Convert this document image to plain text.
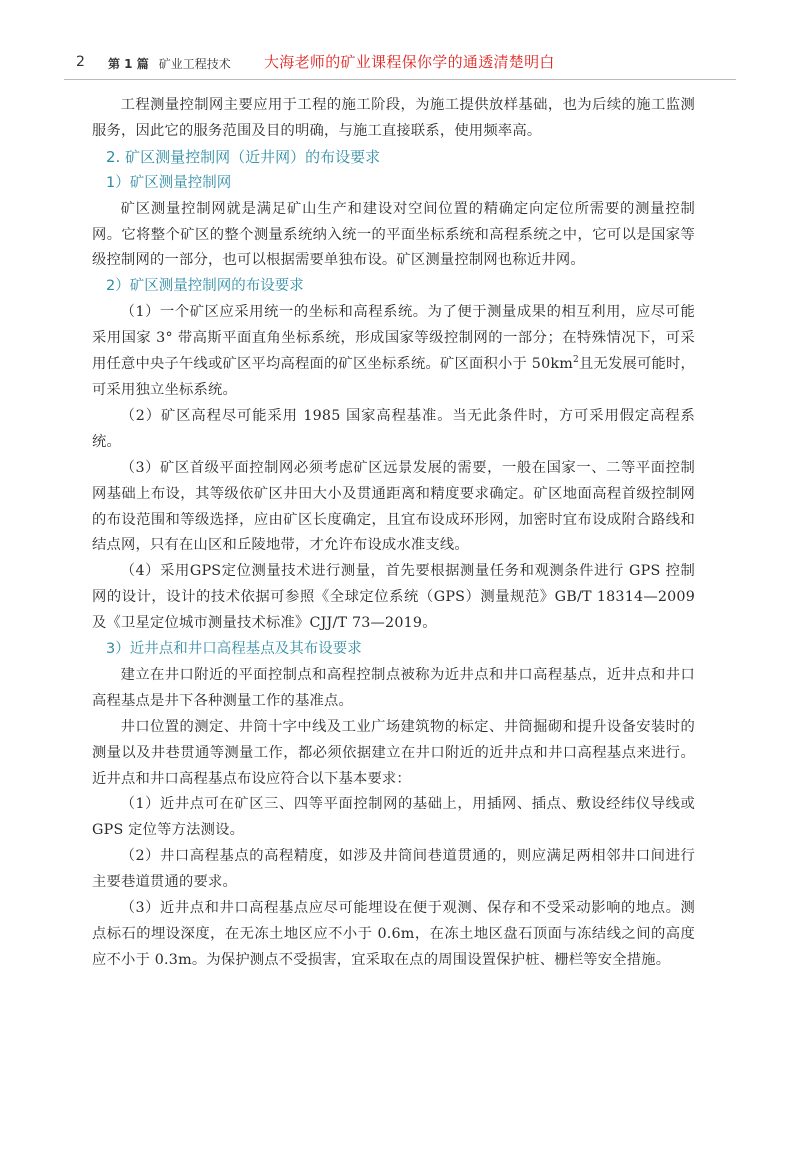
2 第 1 篇 矿业工程技术 大海老师的矿业课程保你学的通透清楚明白

工程测量控制网主要应用于工程的施工阶段，为施工提供放样基础，也为后续的施工监测服务，因此它的服务范围及目的明确，与施工直接联系，使用频率高。

2. 矿区测量控制网（近井网）的布设要求
1）矿区测量控制网

矿区测量控制网就是满足矿山生产和建设对空间位置的精确定向定位所需要的测量控制网。它将整个矿区的整个测量系统纳入统一的平面坐标系统和高程系统之中，它可以是国家等级控制网的一部分，也可以根据需要单独布设。矿区测量控制网也称近井网。

2）矿区测量控制网的布设要求

（1）一个矿区应采用统一的坐标和高程系统。为了便于测量成果的相互利用，应尽可能采用国家 3° 带高斯平面直角坐标系统，形成国家等级控制网的一部分；在特殊情况下，可采用任意中央子午线或矿区平均高程面的矿区坐标系统。矿区面积小于 $50km^2$且无发展可能时，可采用独立坐标系统。

（2）矿区高程尽可能采用 1985 国家高程基准。当无此条件时，方可采用假定高程系统。

（3）矿区首级平面控制网必须考虑矿区远景发展的需要，一般在国家一、二等平面控制网基础上布设，其等级依矿区井田大小及贯通距离和精度要求确定。矿区地面高程首级控制网的布设范围和等级选择，应由矿区长度确定，且宜布设成环形网，加密时宜布设成附合路线和结点网，只有在山区和丘陵地带，才允许布设成水准支线。

（4）采用GPS定位测量技术进行测量，首先要根据测量任务和观测条件进行 GPS 控制网的设计，设计的技术依据可参照《全球定位系统（GPS）测量规范》GB/T 18314—2009 及《卫星定位城市测量技术标准》CJJ/T 73—2019。

3）近井点和井口高程基点及其布设要求

建立在井口附近的平面控制点和高程控制点被称为近井点和井口高程基点，近井点和井口高程基点是井下各种测量工作的基准点。

井口位置的测定、井筒十字中线及工业广场建筑物的标定、井筒掘砌和提升设备安装时的测量以及井巷贯通等测量工作，都必须依据建立在井口附近的近井点和井口高程基点来进行。近井点和井口高程基点布设应符合以下基本要求：

（1）近井点可在矿区三、四等平面控制网的基础上，用插网、插点、敷设经纬仪导线或 GPS 定位等方法测设。

（2）井口高程基点的高程精度，如涉及井筒间巷道贯通的，则应满足两相邻井口间进行主要巷道贯通的要求。

（3）近井点和井口高程基点应尽可能埋设在便于观测、保存和不受采动影响的地点。测点标石的埋设深度，在无冻土地区应不小于 0.6m，在冻土地区盘石顶面与冻结线之间的高度应不小于 0.3m。为保护测点不受损害，宜采取在点的周围设置保护桩、栅栏等安全措施。
